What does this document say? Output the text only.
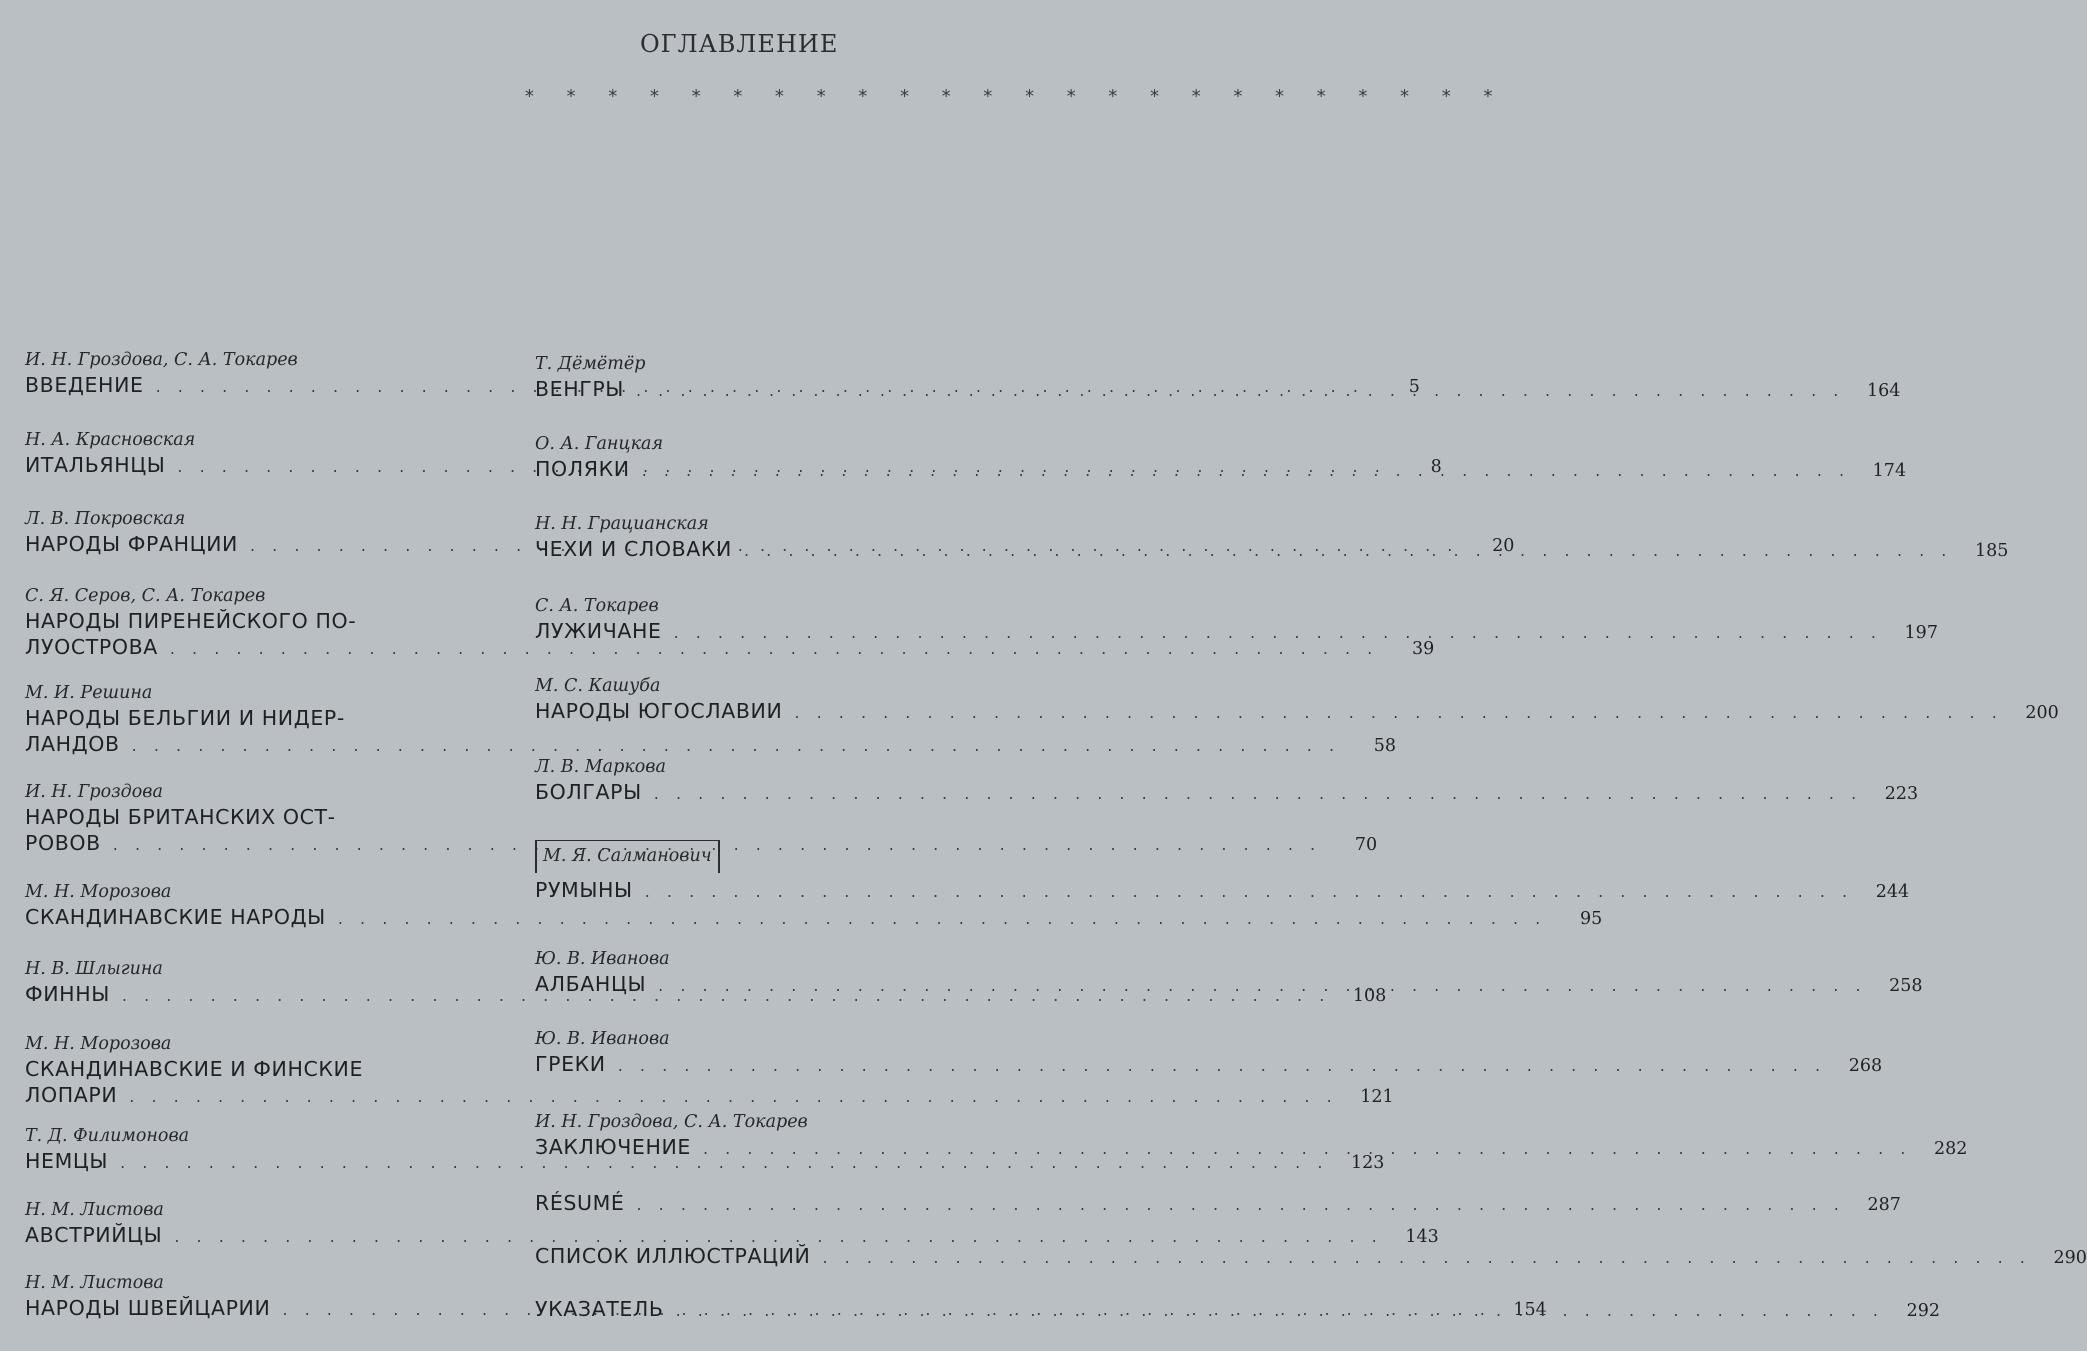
ОГЛАВЛЕНИЕ
* * * * * * * * * * * * * * * * * * * * * * * *
И. Н. Гроздова, С. А. Токарев
ВВЕДЕНИЕ . . .	5
Н. А. Красновская
ИТАЛЬЯНЦЫ . . .	8
Л. В. Покровская
НАРОДЫ ФРАНЦИИ . . .	20
С. Я. Серов, С. А. Токарев
НАРОДЫ ПИРЕНЕЙСКОГО ПО-
ЛУОСТРОВА . . .	39
М. И. Решина
НАРОДЫ БЕЛЬГИИ И НИДЕР-
ЛАНДОВ . . .	58
И. Н. Гроздова
НАРОДЫ БРИТАНСКИХ ОСТ-
РОВОВ . . .	70
М. Н. Морозова
СКАНДИНАВСКИЕ НАРОДЫ . . .	95
Н. В. Шлыгина
ФИННЫ . . .	108
М. Н. Морозова
СКАНДИНАВСКИЕ И ФИНСКИЕ
ЛОПАРИ . . .	121
Т. Д. Филимонова
НЕМЦЫ . . .	123
Н. М. Листова
АВСТРИЙЦЫ . . .	143
Н. М. Листова
НАРОДЫ ШВЕЙЦАРИИ . . .	154
Т. Дёмётёр
ВЕНГРЫ . . .	164
О. А. Ганцкая
ПОЛЯКИ . . .	174
Н. Н. Грацианская
ЧЕХИ И СЛОВАКИ . . .	185
С. А. Токарев
ЛУЖИЧАНЕ . . .	197
М. С. Кашуба
НАРОДЫ ЮГОСЛАВИИ . . .	200
Л. В. Маркова
БОЛГАРЫ . . .	223
М. Я. Салманович
РУМЫНЫ . . .	244
Ю. В. Иванова
АЛБАНЦЫ . . .	258
Ю. В. Иванова
ГРЕКИ . . .	268
И. Н. Гроздова, С. А. Токарев
ЗАКЛЮЧЕНИЕ . . .	282
RÉSUMÉ . . .	287
СПИСОК ИЛЛЮСТРАЦИЙ . . .	290
УКАЗАТЕЛЬ . . .	292
